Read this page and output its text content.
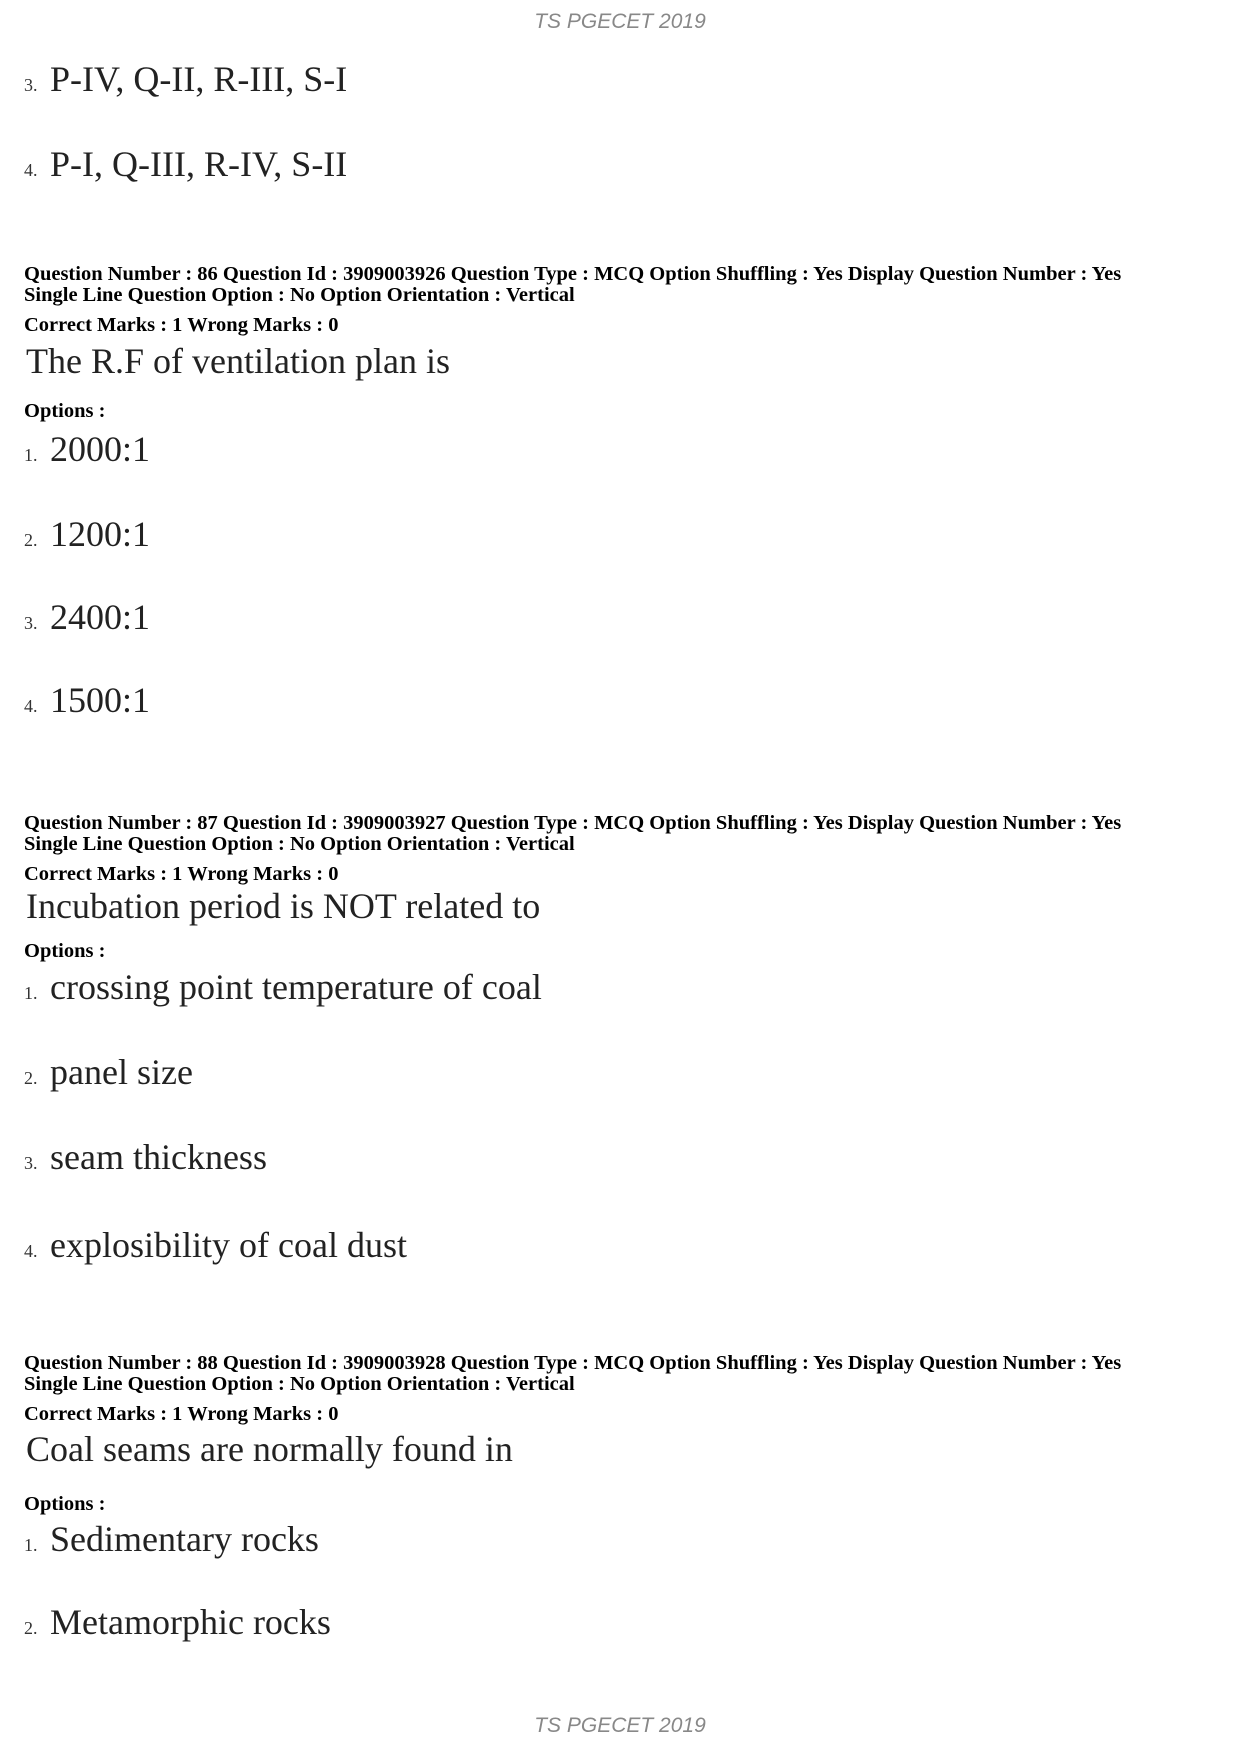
TS PGECET 2019
3. P-IV, Q-II, R-III, S-I
4. P-I, Q-III, R-IV, S-II
Question Number : 86 Question Id : 3909003926 Question Type : MCQ Option Shuffling : Yes Display Question Number : Yes
Single Line Question Option : No Option Orientation : Vertical
Correct Marks : 1 Wrong Marks : 0
The R.F of ventilation plan is
Options :
1. 2000:1
2. 1200:1
3. 2400:1
4. 1500:1
Question Number : 87 Question Id : 3909003927 Question Type : MCQ Option Shuffling : Yes Display Question Number : Yes
Single Line Question Option : No Option Orientation : Vertical
Correct Marks : 1 Wrong Marks : 0
Incubation period is NOT related to
Options :
1. crossing point temperature of coal
2. panel size
3. seam thickness
4. explosibility of coal dust
Question Number : 88 Question Id : 3909003928 Question Type : MCQ Option Shuffling : Yes Display Question Number : Yes
Single Line Question Option : No Option Orientation : Vertical
Correct Marks : 1 Wrong Marks : 0
Coal seams are normally found in
Options :
1. Sedimentary rocks
2. Metamorphic rocks
TS PGECET 2019
